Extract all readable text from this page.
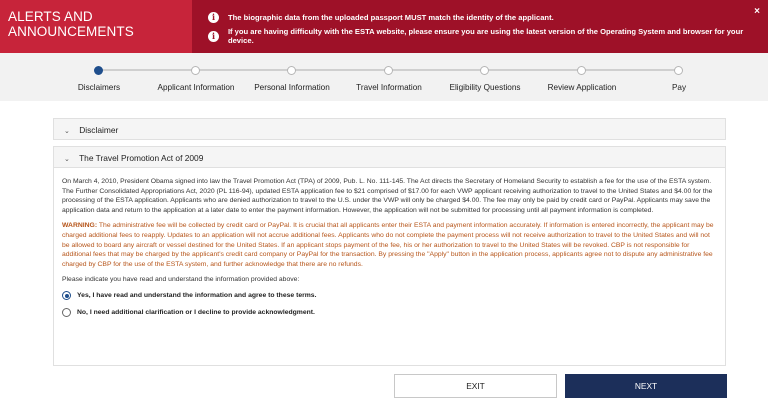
ALERTS AND ANNOUNCEMENTS
i	The biographic data from the uploaded passport MUST match the identity of the applicant.
i	If you are having difficulty with the ESTA website, please ensure you are using the latest version of the Operating System and browser for your device.
×
Disclaimers	Applicant Information	Personal Information	Travel Information	Eligibility Questions	Review Application	Pay
⌄ Disclaimer
⌄ The Travel Promotion Act of 2009

On March 4, 2010, President Obama signed into law the Travel Promotion Act (TPA) of 2009, Pub. L. No. 111-145. The Act directs the Secretary of Homeland Security to establish a fee for the use of the ESTA system. The Further Consolidated Appropriations Act, 2020 (PL 116-94), updated ESTA application fee to $21 comprised of $17.00 for each VWP applicant receiving authorization to travel to the United States and $4.00 for the processing of the ESTA application. Applicants who are denied authorization to travel to the U.S. under the VWP will only be charged $4.00. The fee may only be paid by credit card or PayPal. Applicants may save the application data and return to the application at a later date to enter the payment information. However, the application will not be submitted for processing until all payment information is completed.

WARNING: The administrative fee will be collected by credit card or PayPal. It is crucial that all applicants enter their ESTA and payment information accurately. If information is entered incorrectly, the applicant may be charged additional fees to reapply. Updates to an application will not accrue additional fees. Applicants who do not complete the payment process will not receive authorization to travel to the United States and will not be allowed to board any aircraft or vessel destined for the United States. If an applicant stops payment of the fee, his or her authorization to travel to the United States will be revoked. CBP is not responsible for additional fees that may be charged by the applicant's credit card company or PayPal for the transaction. By pressing the "Apply" button in the application process, applicants agree not to dispute any administrative fee charged by CBP for the use of the ESTA system, and further acknowledge that there are no refunds.

Please indicate you have read and understand the information provided above:

Yes, I have read and understand the information and agree to these terms.
No, I need additional clarification or I decline to provide acknowledgment.
EXIT	NEXT
